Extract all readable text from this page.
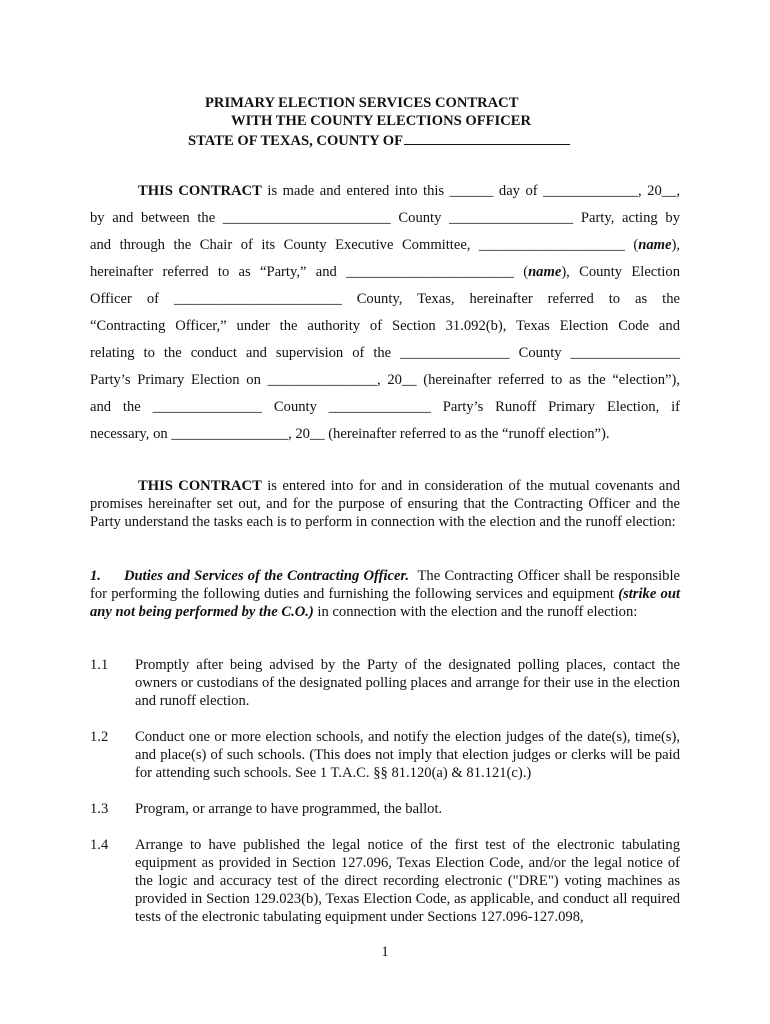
PRIMARY ELECTION SERVICES CONTRACT
WITH THE COUNTY ELECTIONS OFFICER
STATE OF TEXAS, COUNTY OF
THIS CONTRACT is made and entered into this ______ day of _____________, 20__,
by and between the _______________________ County _________________ Party, acting by
and through the Chair of its County Executive Committee, ____________________ (name),
hereinafter referred to as “Party,” and _______________________ (name), County Election
Officer of _______________________ County, Texas, hereinafter referred to as the
“Contracting Officer,” under the authority of Section 31.092(b), Texas Election Code and
relating to the conduct and supervision of the _______________ County _______________
Party’s Primary Election on _______________, 20__ (hereinafter referred to as the “election”),
and the _______________ County ______________ Party’s Runoff Primary Election, if
necessary, on ________________, 20__ (hereinafter referred to as the “runoff election”).
THIS CONTRACT is entered into for and in consideration of the mutual covenants and promises hereinafter set out, and for the purpose of ensuring that the Contracting Officer and the Party understand the tasks each is to perform in connection with the election and the runoff election:
1. Duties and Services of the Contracting Officer. The Contracting Officer shall be responsible for performing the following duties and furnishing the following services and equipment (strike out any not being performed by the C.O.) in connection with the election and the runoff election:
1.1 Promptly after being advised by the Party of the designated polling places, contact the owners or custodians of the designated polling places and arrange for their use in the election and runoff election.
1.2 Conduct one or more election schools, and notify the election judges of the date(s), time(s), and place(s) of such schools. (This does not imply that election judges or clerks will be paid for attending such schools. See 1 T.A.C. §§ 81.120(a) & 81.121(c).)
1.3 Program, or arrange to have programmed, the ballot.
1.4 Arrange to have published the legal notice of the first test of the electronic tabulating equipment as provided in Section 127.096, Texas Election Code, and/or the legal notice of the logic and accuracy test of the direct recording electronic ("DRE") voting machines as provided in Section 129.023(b), Texas Election Code, as applicable, and conduct all required tests of the electronic tabulating equipment under Sections 127.096-127.098,
1
